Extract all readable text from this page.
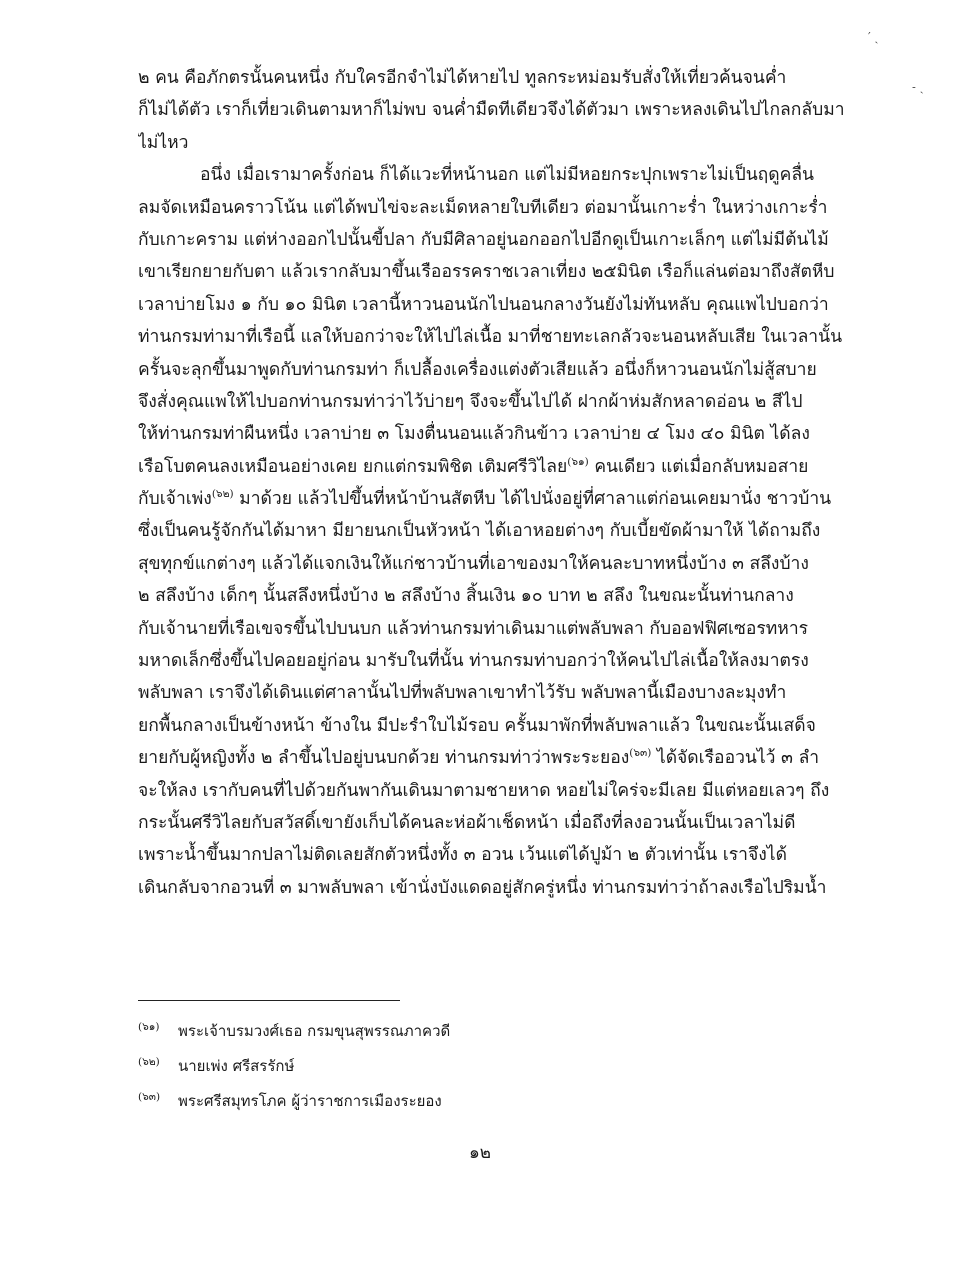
′ ˏ
˗ ˏ
๒ คน คือภักตรนั้นคนหนึ่ง กับใครอีกจำไม่ได้หายไป ทูลกระหม่อมรับสั่งให้เที่ยวค้นจนค่ำ
ก็ไม่ได้ตัว เราก็เที่ยวเดินตามหาก็ไม่พบ จนค่ำมืดทีเดียวจึงได้ตัวมา เพราะหลงเดินไปไกลกลับมา
ไม่ไหว
อนึ่ง เมื่อเรามาครั้งก่อน ก็ได้แวะที่หน้านอก แต่ไม่มีหอยกระปุกเพราะไม่เป็นฤดูคลื่น
ลมจัดเหมือนคราวโน้น แต่ได้พบไข่จะละเม็ดหลายใบทีเดียว ต่อมานั้นเกาะร่ำ ในหว่างเกาะร่ำ
กับเกาะคราม แต่ห่างออกไปนั้นขี้ปลา กับมีศิลาอยู่นอกออกไปอีกดูเป็นเกาะเล็กๆ แต่ไม่มีต้นไม้
เขาเรียกยายกับตา แล้วเรากลับมาขึ้นเรืออรรคราชเวลาเที่ยง ๒๕มินิต เรือก็แล่นต่อมาถึงสัตหีบ
เวลาบ่ายโมง ๑ กับ ๑๐ มินิต เวลานี้หาวนอนนักไปนอนกลางวันยังไม่ทันหลับ คุณแพไปบอกว่า
ท่านกรมท่ามาที่เรือนี้ แลให้บอกว่าจะให้ไปไล่เนื้อ มาที่ชายทะเลกลัวจะนอนหลับเสีย ในเวลานั้น
ครั้นจะลุกขึ้นมาพูดกับท่านกรมท่า ก็เปลื้องเครื่องแต่งตัวเสียแล้ว อนึ่งก็หาวนอนนักไม่สู้สบาย
จึงสั่งคุณแพให้ไปบอกท่านกรมท่าว่าไว้บ่ายๆ จึงจะขึ้นไปได้ ฝากผ้าห่มสักหลาดอ่อน ๒ สีไป
ให้ท่านกรมท่าผืนหนึ่ง เวลาบ่าย ๓ โมงตื่นนอนแล้วกินข้าว เวลาบ่าย ๔ โมง ๔๐ มินิต ได้ลง
เรือโบตคนลงเหมือนอย่างเคย ยกแต่กรมพิชิต เติมศรีวิไลย$^{(๖๑)}$ คนเดียว แต่เมื่อกลับหมอสาย
กับเจ้าเพ่ง$^{(๖๒)}$ มาด้วย แล้วไปขึ้นที่หน้าบ้านสัตหีบ ได้ไปนั่งอยู่ที่ศาลาแต่ก่อนเคยมานั่ง ชาวบ้าน
ซึ่งเป็นคนรู้จักกันได้มาหา มียายนกเป็นหัวหน้า ได้เอาหอยต่างๆ กับเบี้ยขัดผ้ามาให้ ได้ถามถึง
สุขทุกข์แกต่างๆ แล้วได้แจกเงินให้แก่ชาวบ้านที่เอาของมาให้คนละบาทหนึ่งบ้าง ๓ สลึงบ้าง
๒ สลึงบ้าง เด็กๆ นั้นสลึงหนึ่งบ้าง ๒ สลึงบ้าง สิ้นเงิน ๑๐ บาท ๒ สลึง ในขณะนั้นท่านกลาง
กับเจ้านายที่เรือเขจรขึ้นไปบนบก แล้วท่านกรมท่าเดินมาแต่พลับพลา กับออฟฟิศเซอรทหาร
มหาดเล็กซึ่งขึ้นไปคอยอยู่ก่อน มารับในที่นั้น ท่านกรมท่าบอกว่าให้คนไปไล่เนื้อให้ลงมาตรง
พลับพลา เราจึงได้เดินแต่ศาลานั้นไปที่พลับพลาเขาทำไว้รับ พลับพลานี้เมืองบางละมุงทำ
ยกพื้นกลางเป็นข้างหน้า ข้างใน มีปะรำใบไม้รอบ ครั้นมาพักที่พลับพลาแล้ว ในขณะนั้นเสด็จ
ยายกับผู้หญิงทั้ง ๒ ลำขึ้นไปอยู่บนบกด้วย ท่านกรมท่าว่าพระระยอง$^{(๖๓)}$ ได้จัดเรืออวนไว้ ๓ ลำ
จะให้ลง เรากับคนที่ไปด้วยกันพากันเดินมาตามชายหาด หอยไม่ใคร่จะมีเลย มีแต่หอยเลวๆ ถึง
กระนั้นศรีวิไลยกับสวัสดิ์เขายังเก็บได้คนละห่อผ้าเช็ดหน้า เมื่อถึงที่ลงอวนนั้นเป็นเวลาไม่ดี
เพราะน้ำขึ้นมากปลาไม่ติดเลยสักตัวหนึ่งทั้ง ๓ อวน เว้นแต่ได้ปูม้า ๒ ตัวเท่านั้น เราจึงได้
เดินกลับจากอวนที่ ๓ มาพลับพลา เข้านั่งบังแดดอยู่สักครู่หนึ่ง ท่านกรมท่าว่าถ้าลงเรือไปริมน้ำ
(๖๑) พระเจ้าบรมวงศ์เธอ กรมขุนสุพรรณภาควดี
(๖๒) นายเพ่ง ศรีสรรักษ์
(๖๓) พระศรีสมุทรโภค ผู้ว่าราชการเมืองระยอง
๑๒
